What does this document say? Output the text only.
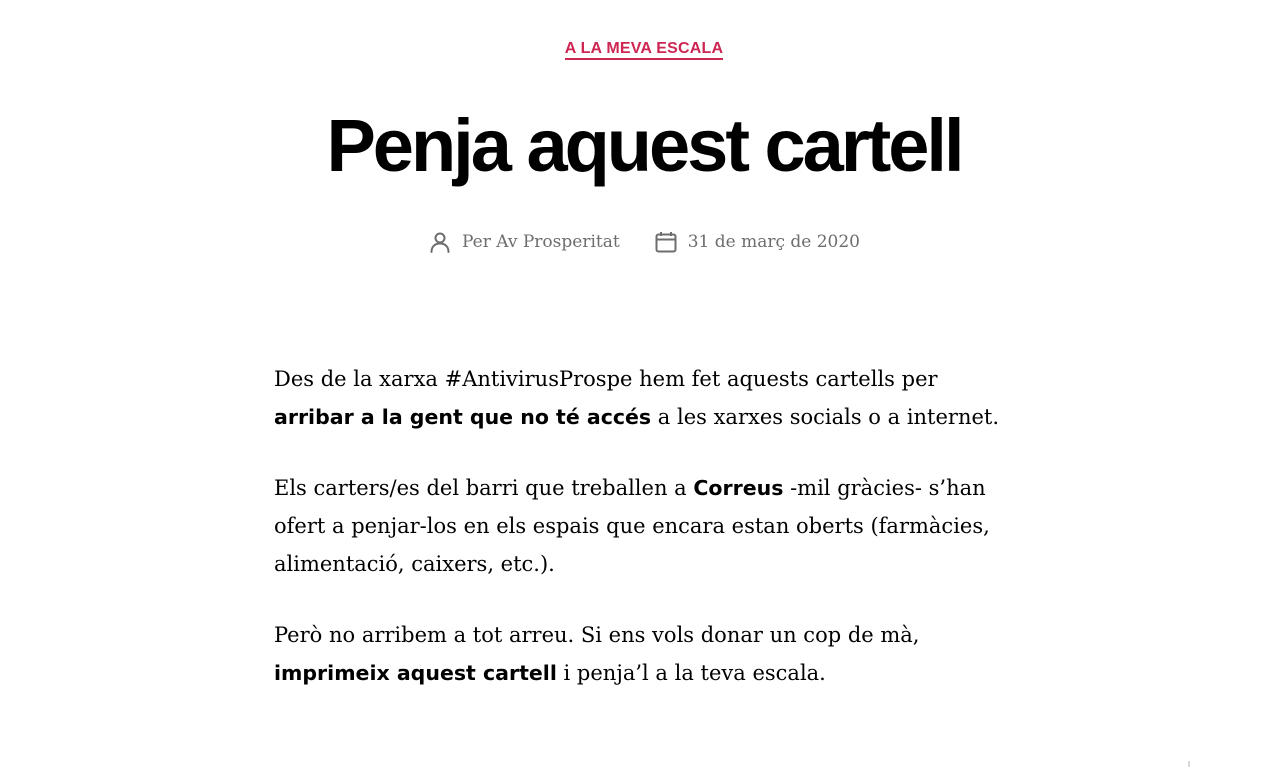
A LA MEVA ESCALA
Penja aquest cartell
Per Av Prosperitat	31 de març de 2020

Des de la xarxa #AntivirusProspe hem fet aquests cartells per arribar a la gent que no té accés a les xarxes socials o a internet.

Els carters/es del barri que treballen a Correus -mil gràcies- s’han ofert a penjar-los en els espais que encara estan oberts (farmàcies, alimentació, caixers, etc.).

Però no arribem a tot arreu. Si ens vols donar un cop de mà, imprimeix aquest cartell i penja’l a la teva escala.
